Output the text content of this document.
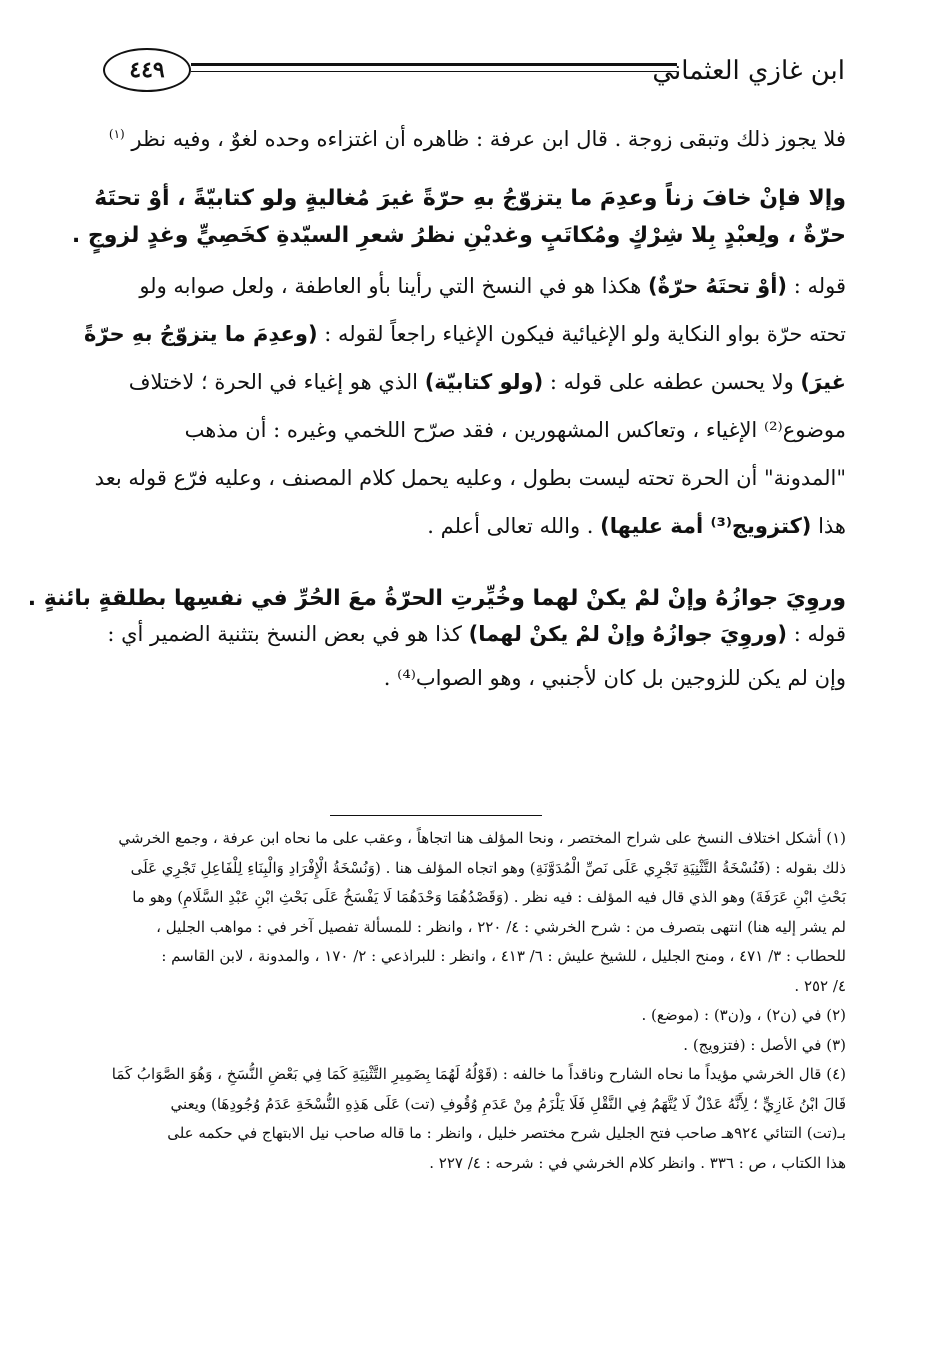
٤٤٩	ابن غازي العثماني
فلا يجوز ذلك وتبقى زوجة . قال ابن عرفة : ظاهره أن اغتزاءه وحده لغوٌ ، وفيه نظر $^{(١)}$
وإلا فإنْ خافَ زناً وعدِمَ ما يتزوّجُ بهِ حرّةً غيرَ مُغاليةٍ ولو كتابيّةً ، أوْ تحتَهُ
حرّةٌ ، ولِعبْدٍ بِلا شِرْكٍ ومُكاتَبٍ وغديْنِ نظرُ شعرِ السيّدةِ كخَصِيٍّ وغدٍ لزوجٍ .
قوله : (أوْ تحتَهُ حرّةٌ) هكذا هو في النسخ التي رأينا بأو العاطفة ، ولعل صوابه ولو
تحته حرّة بواو النكاية ولو الإغيائية فيكون الإغياء راجعاً لقوله : (وعدِمَ ما يتزوّجُ بهِ حرّةً
غيرَ) ولا يحسن عطفه على قوله : (ولو كتابيّة) الذي هو إغياء في الحرة ؛ لاختلاف
موضوع⁽²⁾ الإغياء ، وتعاكس المشهورين ، فقد صرّح اللخمي وغيره : أن مذهب
"المدونة" أن الحرة تحته ليست بطول ، وعليه يحمل كلام المصنف ، وعليه فرّع قوله بعد
هذا (كتزويج⁽³⁾ أمة عليها) . والله تعالى أعلم .
وروِيَ جوازُهُ وإنْ لمْ يكنْ لهما وخُيِّرتِ الحرّةُ معَ الحُرِّ في نفسِها بطلقةٍ بائنةٍ .
قوله : (وروِيَ جوازُهُ وإنْ لمْ يكنْ لهما) كذا هو في بعض النسخ بتثنية الضمير أي :
وإن لم يكن للزوجين بل كان لأجنبي ، وهو الصواب⁽⁴⁾ .
(١) أشكل اختلاف النسخ على شراح المختصر ، ونحا المؤلف هنا اتجاهاً ، وعقب على ما نحاه ابن عرفة ، وجمع الخرشي
ذلك بقوله : (فَنُسْخَةُ التَّثْنِيَةِ تَجْرِي عَلَى نَصِّ الْمُدَوَّنَةِ) وهو اتجاه المؤلف هنا . (وَنُسْخَةُ الْإِفْرَادِ وَالْبِنَاءِ لِلْفَاعِلِ تَجْرِي عَلَى
بَحْثِ ابْنِ عَرَفَةَ) وهو الذي قال فيه المؤلف : فيه نظر . (وَقَصْدُهُمَا وَحْدَهُمَا لَا يَفْسَخُ عَلَى بَحْثِ ابْنِ عَبْدِ السَّلَامِ) وهو ما
لم يشر إليه هنا) انتهى بتصرف من : شرح الخرشي : ٤/ ٢٢٠ ، وانظر : للمسألة تفصيل آخر في : مواهب الجليل ،
للحطاب : ٣/ ٤٧١ ، ومنح الجليل ، للشيخ عليش : ٦/ ٤١٣ ، وانظر : للبراذعي : ٢/ ١٧٠ ، والمدونة ، لابن القاسم :
٤/ ٢٥٢ .
(٢) في (ن٢) ، و(ن٣) : (موضع) .
(٣) في الأصل : (فتزويج) .
(٤) قال الخرشي مؤيداً ما نحاه الشارح وناقداً ما خالفه : (قَوْلُهُ لَهُمَا بِضَمِيرِ التَّثْنِيَةِ كَمَا فِي بَعْضِ النُّسَخِ ، وَهُوَ الصَّوَابُ كَمَا
قَالَ ابْنُ غَازِيٍّ ؛ لِأَنَّهُ عَدْلٌ لَا يُتَّهَمُ فِي النَّقْلِ فَلَا يَلْزَمُ مِنْ عَدَمِ وُقُوفِ (تت) عَلَى هَذِهِ النُّسْخَةِ عَدَمُ وُجُودِهَا) ويعني
بـ(تت) التتائي ٩٢٤هـ صاحب فتح الجليل شرح مختصر خليل ، وانظر : ما قاله صاحب نيل الابتهاج في حكمه على
هذا الكتاب ، ص : ٣٣٦ . وانظر كلام الخرشي في : شرحه : ٤/ ٢٢٧ .
